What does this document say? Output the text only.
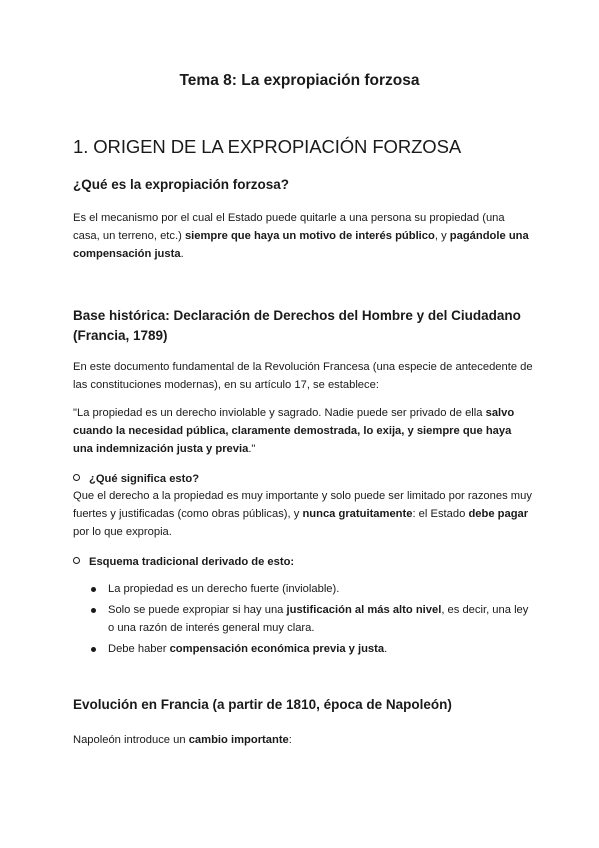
Tema 8: La expropiación forzosa
1. ORIGEN DE LA EXPROPIACIÓN FORZOSA
¿Qué es la expropiación forzosa?

Es el mecanismo por el cual el Estado puede quitarle a una persona su propiedad (una casa, un terreno, etc.) siempre que haya un motivo de interés público, y pagándole una compensación justa.

Base histórica: Declaración de Derechos del Hombre y del Ciudadano (Francia, 1789)

En este documento fundamental de la Revolución Francesa (una especie de antecedente de las constituciones modernas), en su artículo 17, se establece:

"La propiedad es un derecho inviolable y sagrado. Nadie puede ser privado de ella salvo cuando la necesidad pública, claramente demostrada, lo exija, y siempre que haya una indemnización justa y previa."

¿Qué significa esto?

Que el derecho a la propiedad es muy importante y solo puede ser limitado por razones muy fuertes y justificadas (como obras públicas), y nunca gratuitamente: el Estado debe pagar por lo que expropia.

Esquema tradicional derivado de esto:
La propiedad es un derecho fuerte (inviolable).
Solo se puede expropiar si hay una justificación al más alto nivel, es decir, una ley o una razón de interés general muy clara.
Debe haber compensación económica previa y justa.
Evolución en Francia (a partir de 1810, época de Napoleón)

Napoleón introduce un cambio importante:
